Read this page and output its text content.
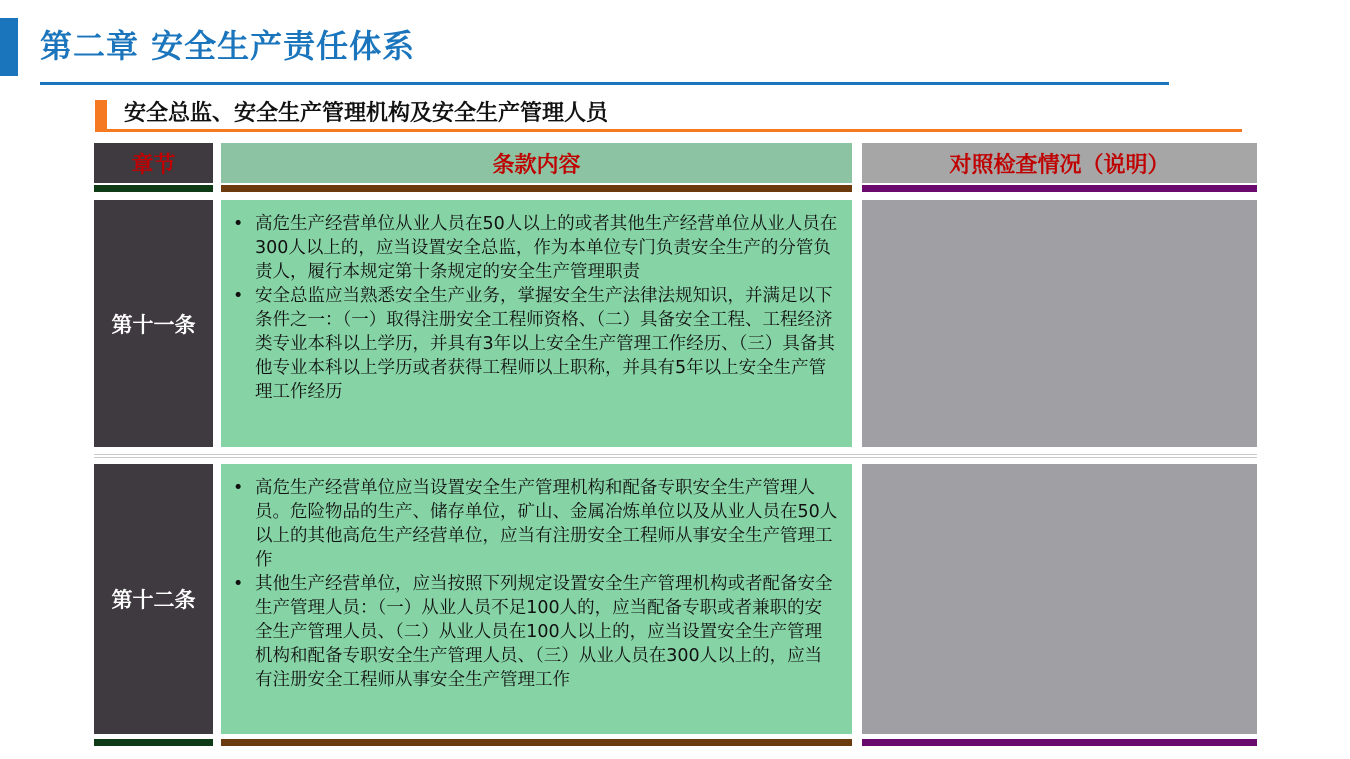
第二章 安全生产责任体系
安全总监、安全生产管理机构及安全生产管理人员
章节	条款内容	对照检查情况（说明）
第十一条
• 高危生产经营单位从业人员在50人以上的或者其他生产经营单位从业人员在300人以上的，应当设置安全总监，作为本单位专门负责安全生产的分管负责人，履行本规定第十条规定的安全生产管理职责
• 安全总监应当熟悉安全生产业务，掌握安全生产法律法规知识，并满足以下条件之一：（一）取得注册安全工程师资格、（二）具备安全工程、工程经济类专业本科以上学历，并具有3年以上安全生产管理工作经历、（三）具备其他专业本科以上学历或者获得工程师以上职称，并具有5年以上安全生产管理工作经历
第十二条
• 高危生产经营单位应当设置安全生产管理机构和配备专职安全生产管理人员。危险物品的生产、储存单位，矿山、金属冶炼单位以及从业人员在50人以上的其他高危生产经营单位，应当有注册安全工程师从事安全生产管理工作
• 其他生产经营单位，应当按照下列规定设置安全生产管理机构或者配备安全生产管理人员：（一）从业人员不足100人的，应当配备专职或者兼职的安全生产管理人员、（二）从业人员在100人以上的，应当设置安全生产管理机构和配备专职安全生产管理人员、（三）从业人员在300人以上的，应当有注册安全工程师从事安全生产管理工作
